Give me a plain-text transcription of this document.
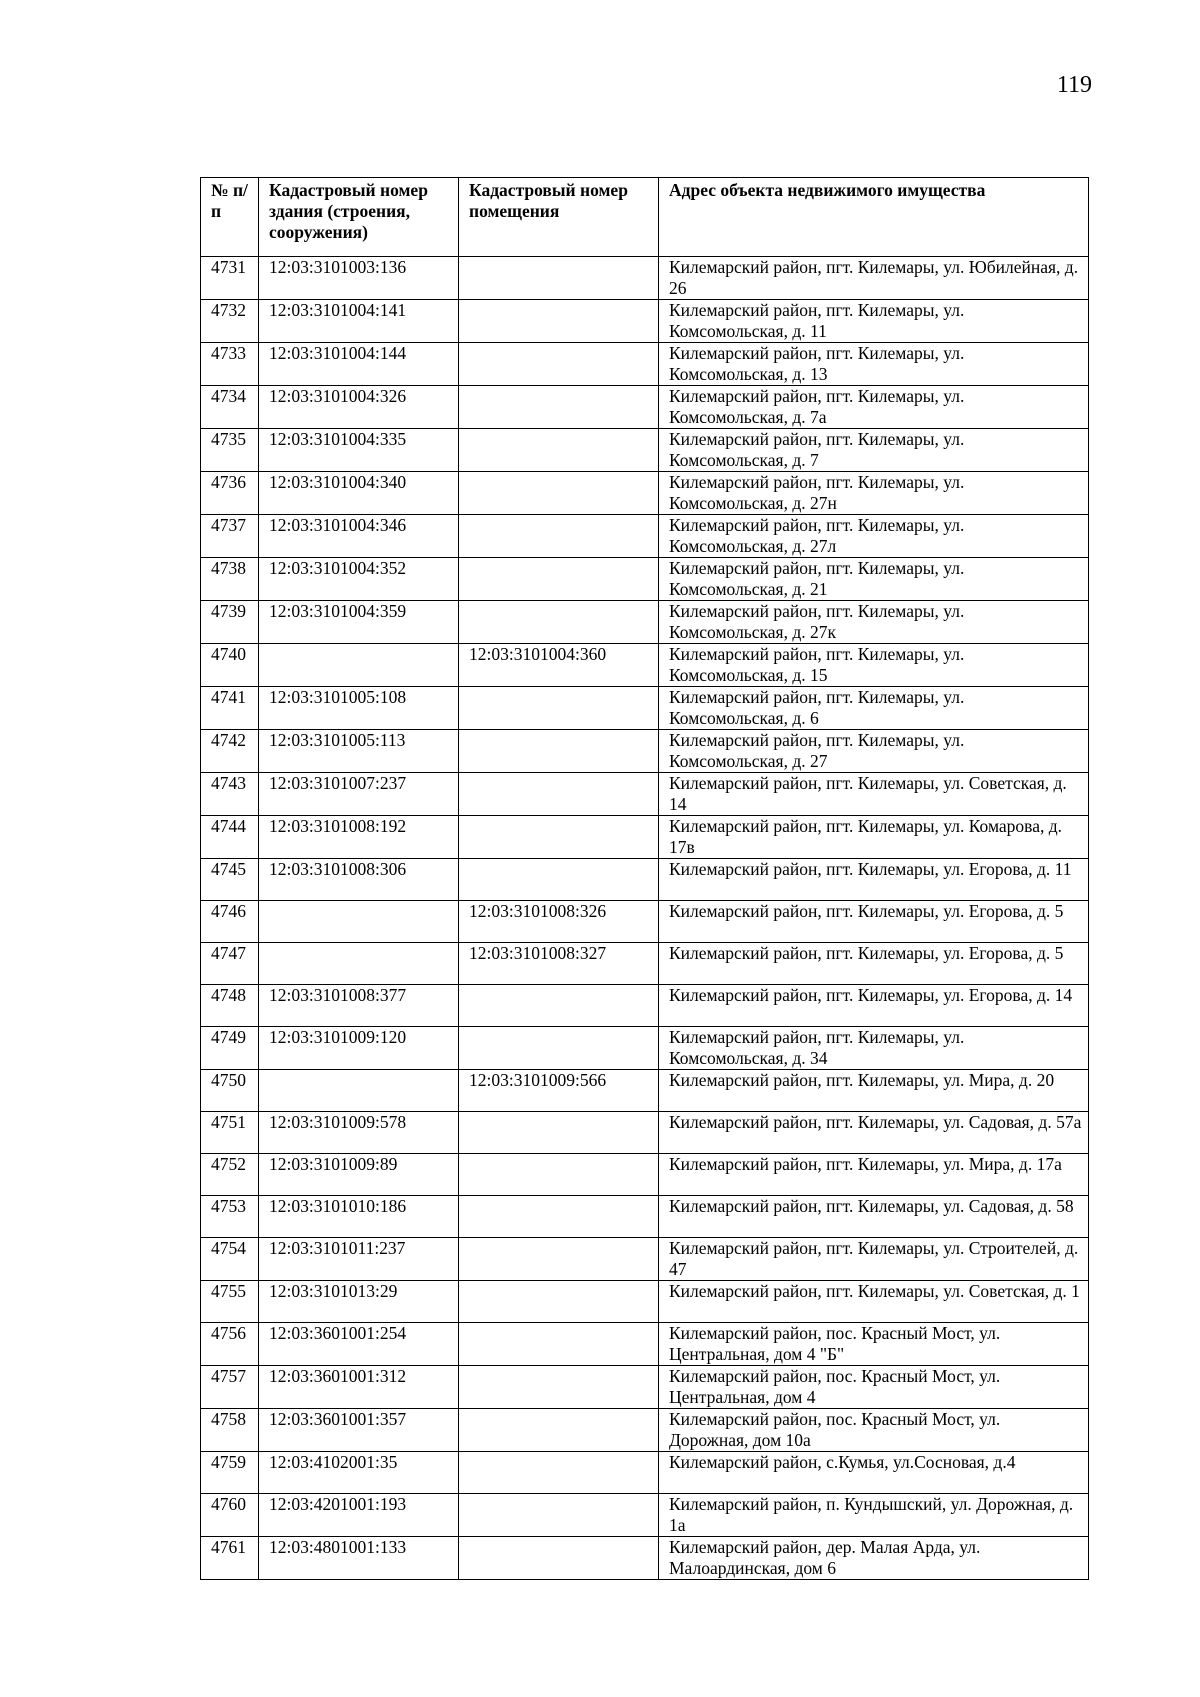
119
№ п/п	Кадастровый номер здания (строения, сооружения)	Кадастровый номер помещения	Адрес объекта недвижимого имущества
4731	12:03:3101003:136		Килемарский район, пгт. Килемары, ул. Юбилейная, д. 26
4732	12:03:3101004:141		Килемарский район, пгт. Килемары, ул. Комсомольская, д. 11
4733	12:03:3101004:144		Килемарский район, пгт. Килемары, ул. Комсомольская, д. 13
4734	12:03:3101004:326		Килемарский район, пгт. Килемары, ул. Комсомольская, д. 7а
4735	12:03:3101004:335		Килемарский район, пгт. Килемары, ул. Комсомольская, д. 7
4736	12:03:3101004:340		Килемарский район, пгт. Килемары, ул. Комсомольская, д. 27н
4737	12:03:3101004:346		Килемарский район, пгт. Килемары, ул. Комсомольская, д. 27л
4738	12:03:3101004:352		Килемарский район, пгт. Килемары, ул. Комсомольская, д. 21
4739	12:03:3101004:359		Килемарский район, пгт. Килемары, ул. Комсомольская, д. 27к
4740		12:03:3101004:360	Килемарский район, пгт. Килемары, ул. Комсомольская, д. 15
4741	12:03:3101005:108		Килемарский район, пгт. Килемары, ул. Комсомольская, д. 6
4742	12:03:3101005:113		Килемарский район, пгт. Килемары, ул. Комсомольская, д. 27
4743	12:03:3101007:237		Килемарский район, пгт. Килемары, ул. Советская, д. 14
4744	12:03:3101008:192		Килемарский район, пгт. Килемары, ул. Комарова, д. 17в
4745	12:03:3101008:306		Килемарский район, пгт. Килемары, ул. Егорова, д. 11
4746		12:03:3101008:326	Килемарский район, пгт. Килемары, ул. Егорова, д. 5
4747		12:03:3101008:327	Килемарский район, пгт. Килемары, ул. Егорова, д. 5
4748	12:03:3101008:377		Килемарский район, пгт. Килемары, ул. Егорова, д. 14
4749	12:03:3101009:120		Килемарский район, пгт. Килемары, ул. Комсомольская, д. 34
4750		12:03:3101009:566	Килемарский район, пгт. Килемары, ул. Мира, д. 20
4751	12:03:3101009:578		Килемарский район, пгт. Килемары, ул. Садовая, д. 57а
4752	12:03:3101009:89		Килемарский район, пгт. Килемары, ул. Мира, д. 17а
4753	12:03:3101010:186		Килемарский район, пгт. Килемары, ул. Садовая, д. 58
4754	12:03:3101011:237		Килемарский район, пгт. Килемары, ул. Строителей, д. 47
4755	12:03:3101013:29		Килемарский район, пгт. Килемары, ул. Советская, д. 1
4756	12:03:3601001:254		Килемарский район, пос. Красный Мост, ул. Центральная, дом 4 "Б"
4757	12:03:3601001:312		Килемарский район, пос. Красный Мост, ул. Центральная, дом 4
4758	12:03:3601001:357		Килемарский район, пос. Красный Мост, ул. Дорожная, дом 10а
4759	12:03:4102001:35		Килемарский район, с.Кумья, ул.Сосновая, д.4
4760	12:03:4201001:193		Килемарский район, п. Кундышский, ул. Дорожная, д. 1а
4761	12:03:4801001:133		Килемарский район, дер. Малая Арда, ул. Малоардинская, дом 6
